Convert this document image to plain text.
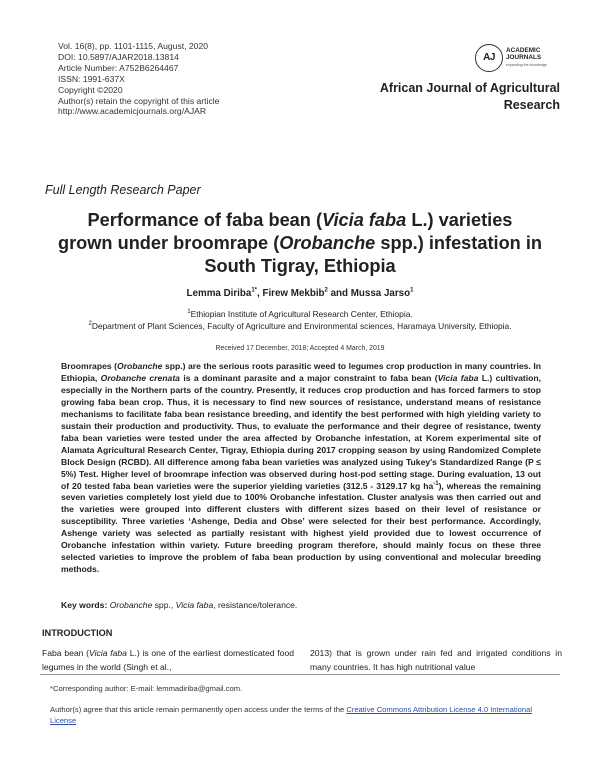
Vol. 16(8), pp. 1101-1115, August, 2020
DOI: 10.5897/AJAR2018.13814
Article Number: A752B6264467
ISSN: 1991-637X
Copyright ©2020
Author(s) retain the copyright of this article
http://www.academicjournals.org/AJAR
AJ
ACADEMIC
JOURNALS
expanding the knowledge
African Journal of Agricultural
Research
Full Length Research Paper
Performance of faba bean (Vicia faba L.) varieties
grown under broomrape (Orobanche spp.) infestation in
South Tigray, Ethiopia
Lemma Diriba$^{1*}$, Firew Mekbib$^2$ and Mussa Jarso$^1$
$^1$Ethiopian Institute of Agricultural Research Center, Ethiopia.
$^2$Department of Plant Sciences, Faculty of Agriculture and Environmental sciences, Haramaya University, Ethiopia.
Received 17 December, 2018; Accepted 4 March, 2019
Broomrapes (Orobanche spp.) are the serious roots parasitic weed to legumes crop production in many countries. In Ethiopia, Orobanche crenata is a dominant parasite and a major constraint to faba bean (Vicia faba L.) cultivation, especially in the Northern parts of the country. Presently, it reduces crop production and has forced farmers to stop growing faba bean crop. Thus, it is necessary to find new sources of resistance, understand means of resistance mechanisms to facilitate faba bean resistance breeding, and identify the best performed with high yielding variety to sustain their production and productivity. Thus, to evaluate the performance and their degree of resistance, twenty faba bean varieties were tested under the area affected by Orobanche infestation, at Korem experimental site of Alamata Agricultural Research Center, Tigray, Ethiopia during 2017 cropping season by using Randomized Complete Block Design (RCBD). All difference among faba bean varieties was analyzed using Tukey's Standardized Range (P ≤ 5%) Test. Higher level of broomrape infection was observed during host-pod setting stage. During evaluation, 13 out of 20 tested faba bean varieties were the superior yielding varieties (312.5 - 3129.17 kg $ha^{-1}$), whereas the remaining seven varieties completely lost yield due to 100% Orobanche infestation. Cluster analysis was then carried out and the varieties were grouped into different clusters with different sizes based on their level of resistance or susceptibility. Three varieties ‘Ashenge, Dedia and Obse’ were selected for their best performance. Accordingly, Ashenge variety was selected as partially resistant with highest yield provided due to lowest occurrence of Orobanche infestation within variety. Future breeding program therefore, should mainly focus on these three selected varieties to improve the problem of faba bean production by using conventional and molecular breeding methods.
Key words: Orobanche spp., Vicia faba, resistance/tolerance.
INTRODUCTION
Faba bean (Vicia faba L.) is one of the earliest domesticated food legumes in the world (Singh et al.,
2013) that is grown under rain fed and irrigated conditions in many countries. It has high nutritional value
*Corresponding author: E-mail: lemmadiriba@gmail.com.
Author(s) agree that this article remain permanently open access under the terms of the Creative Commons Attribution License 4.0 International License
